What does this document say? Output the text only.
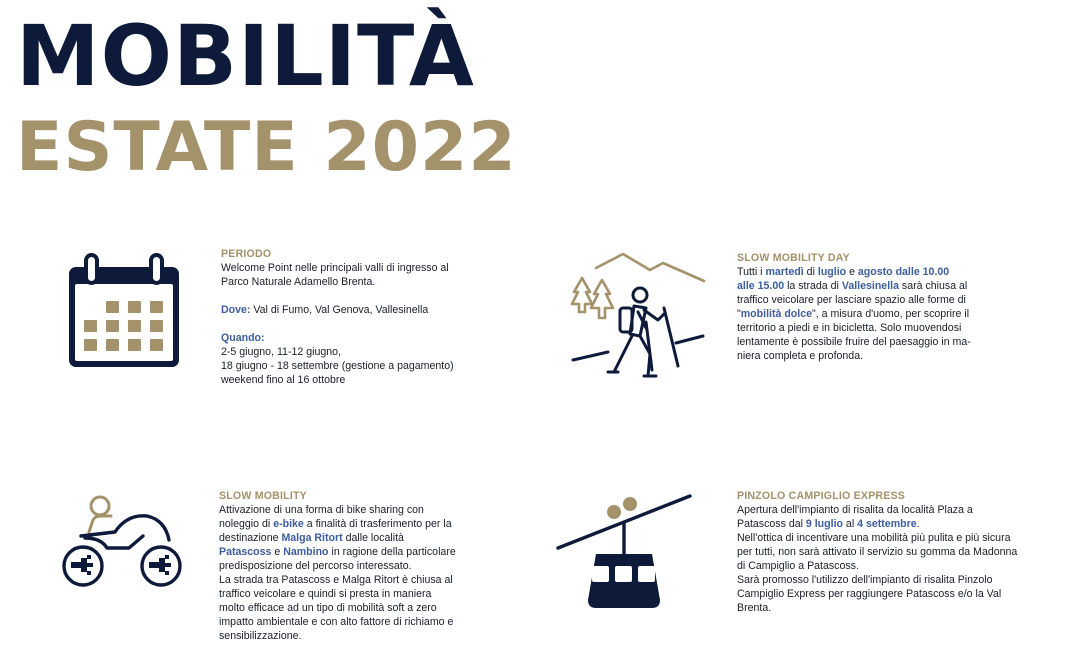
MOBILITÀ
ESTATE 2022

PERIODO

Welcome Point nelle principali valli di ingresso al

Parco Naturale Adamello Brenta.

Dove: Val di Fumo, Val Genova, Vallesinella

Quando:

2-5 giugno, 11-12 giugno,

18 giugno - 18 settembre (gestione a pagamento)

weekend fino al 16 ottobre

SLOW MOBILITY DAY

Tutti i martedì di luglio e agosto dalle 10.00

alle 15.00 la strada di Vallesinella sarà chiusa al

traffico veicolare per lasciare spazio alle forme di

"mobilità dolce", a misura d'uomo, per scoprire il

territorio a piedi e in bicicletta. Solo muovendosi

lentamente è possibile fruire del paesaggio in ma-

niera completa e profonda.

SLOW MOBILITY

Attivazione di una forma di bike sharing con

noleggio di e-bike a finalità di trasferimento per la

destinazione Malga Ritort dalle località

Patascoss e Nambino in ragione della particolare

predisposizione del percorso interessato.

La strada tra Patascoss e Malga Ritort è chiusa al

traffico veicolare e quindi si presta in maniera

molto efficace ad un tipo di mobilità soft a zero

impatto ambientale e con alto fattore di richiamo e

sensibilizzazione.

PINZOLO CAMPIGLIO EXPRESS

Apertura dell'impianto di risalita da località Plaza a

Patascoss dal 9 luglio al 4 settembre.

Nell'ottica di incentivare una mobilità più pulita e più sicura

per tutti, non sarà attivato il servizio su gomma da Madonna

di Campiglio a Patascoss.

Sarà promosso l'utilizzo dell'impianto di risalita Pinzolo

Campiglio Express per raggiungere Patascoss e/o la Val

Brenta.
